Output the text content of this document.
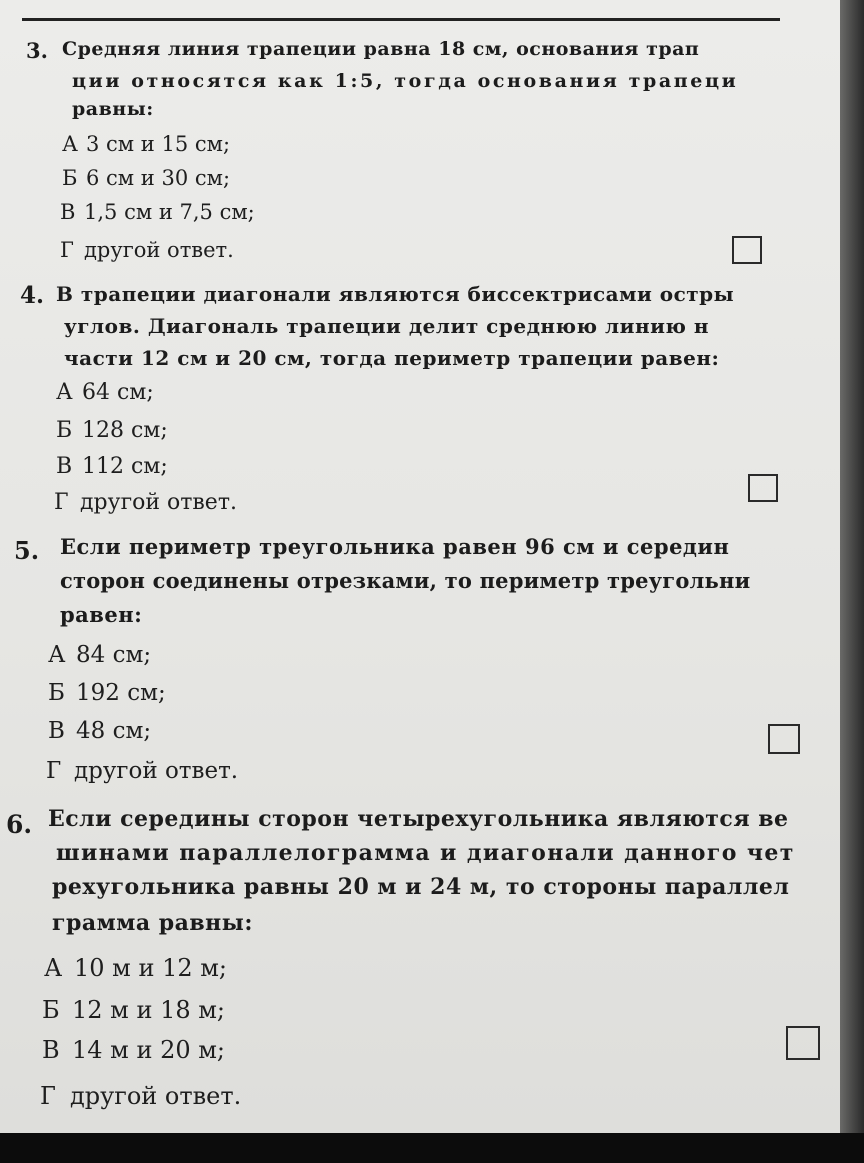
3. Средняя линия трапеции равна 18 см, основания трап
ции относятся как 1:5, тогда основания трапеци
равны:
А 3 см и 15 см;
Б 6 см и 30 см;
В 1,5 см и 7,5 см;
Г другой ответ.
4. В трапеции диагонали являются биссектрисами остры
углов. Диагональ трапеции делит среднюю линию н
части 12 см и 20 см, тогда периметр трапеции равен:
А 64 см;
Б 128 см;
В 112 см;
Г другой ответ.
5. Если периметр треугольника равен 96 см и середин
сторон соединены отрезками, то периметр треугольни
равен:
А 84 см;
Б 192 см;
В 48 см;
Г другой ответ.
6. Если середины сторон четырехугольника являются ве
шинами параллелограмма и диагонали данного чет
рехугольника равны 20 м и 24 м, то стороны параллел
грамма равны:
А 10 м и 12 м;
Б 12 м и 18 м;
В 14 м и 20 м;
Г другой ответ.
